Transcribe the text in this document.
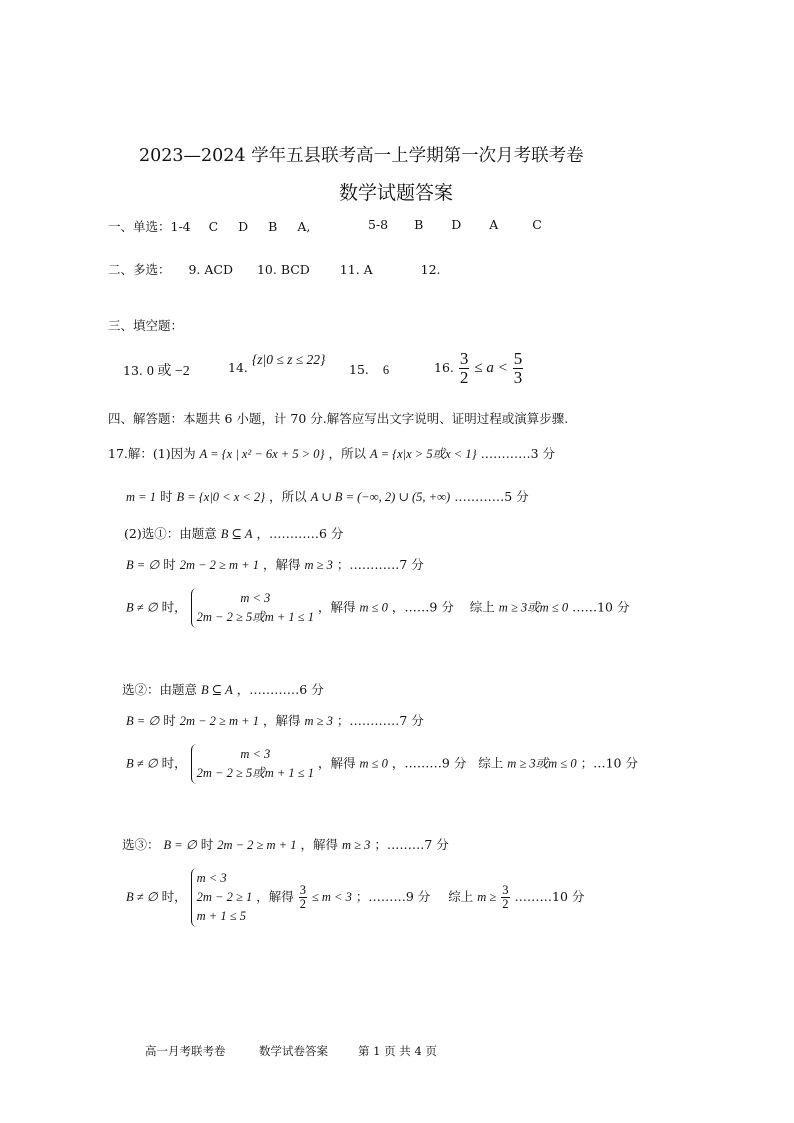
2023—2024 学年五县联考高一上学期第一次月考联考卷
数学试题答案
一、单选：1-4 C D B A,	5-8 B D A	C
二、多选： 9. ACD 10. BCD 11. A	12.
三、填空题：
13. 0 或 −2	14. {z|0 ≤ z ≤ 22}
15. 6	16. $\frac{3}{2} \le a < \frac{5}{3}$
四、解答题：本题共 6 小题，计 70 分.解答应写出文字说明、证明过程或演算步骤.
17.解：(1)因为 A = {x | x² − 6x + 5 > 0} ，所以 A = {x|x > 5或x < 1} …………3 分
m = 1 时 B = {x|0 < x < 2} ，所以 A ∪ B = (−∞, 2) ∪ (5, +∞) …………5 分
(2)选①：由题意 B ⊆ A ，…………6 分
B = ∅ 时 2m − 2 ≥ m + 1 ，解得 m ≥ 3 ；…………7 分
B ≠ ∅ 时，
m < 3
2m − 2 ≥ 5或m + 1 ≤ 1
，解得 m ≤ 0 ，……9 分 综上 m ≥ 3或m ≤ 0 ……10 分
选②：由题意 B ⊆ A ，…………6 分
B = ∅ 时 2m − 2 ≥ m + 1 ，解得 m ≥ 3 ；…………7 分
B ≠ ∅ 时，
m < 3
2m − 2 ≥ 5或m + 1 ≤ 1
，解得 m ≤ 0 ，………9 分 综上 m ≥ 3或m ≤ 0 ；…10 分
选③： B = ∅ 时 2m − 2 ≥ m + 1 ，解得 m ≥ 3 ；………7 分
B ≠ ∅ 时，
m < 3
2m − 2 ≥ 1
m + 1 ≤ 5
，解得 $\frac{3}{2} \le m < 3$ ；………9 分 综上 $m \ge \frac{3}{2}$ ………10 分
高一月考联考卷	数学试卷答案	第 1 页 共 4 页
